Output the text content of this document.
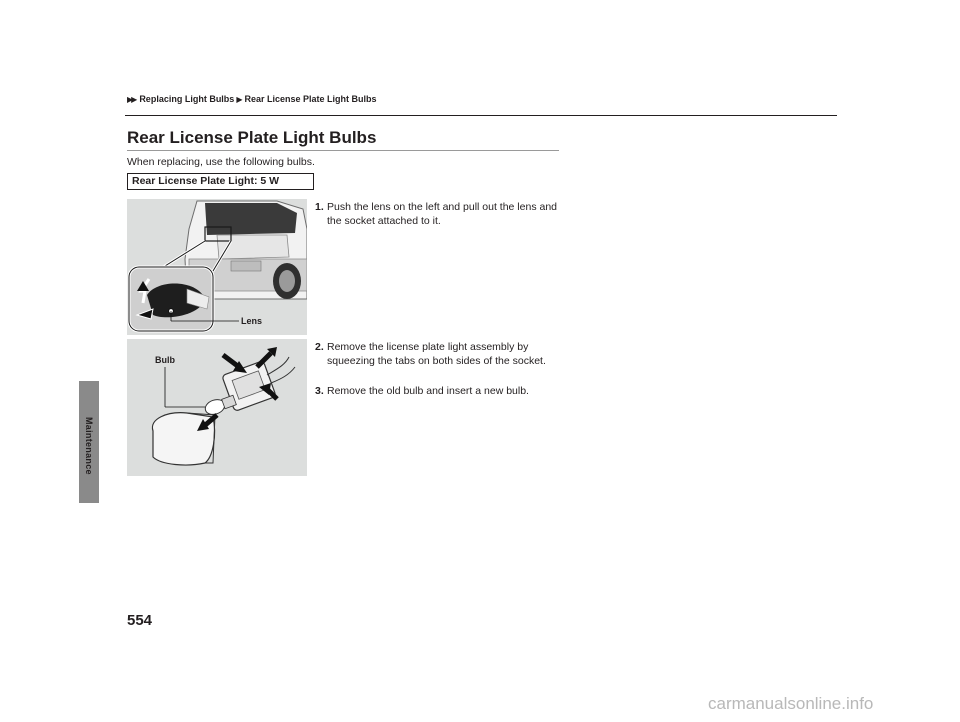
Maintenance
▶▶ Replacing Light Bulbs ▶ Rear License Plate Light Bulbs
Rear License Plate Light Bulbs
When replacing, use the following bulbs.
Rear License Plate Light: 5 W
Lens
Bulb
1. Push the lens on the left and pull out the lens and the socket attached to it.
2. Remove the license plate light assembly by squeezing the tabs on both sides of the socket.
3. Remove the old bulb and insert a new bulb.
554
carmanualsonline.info
